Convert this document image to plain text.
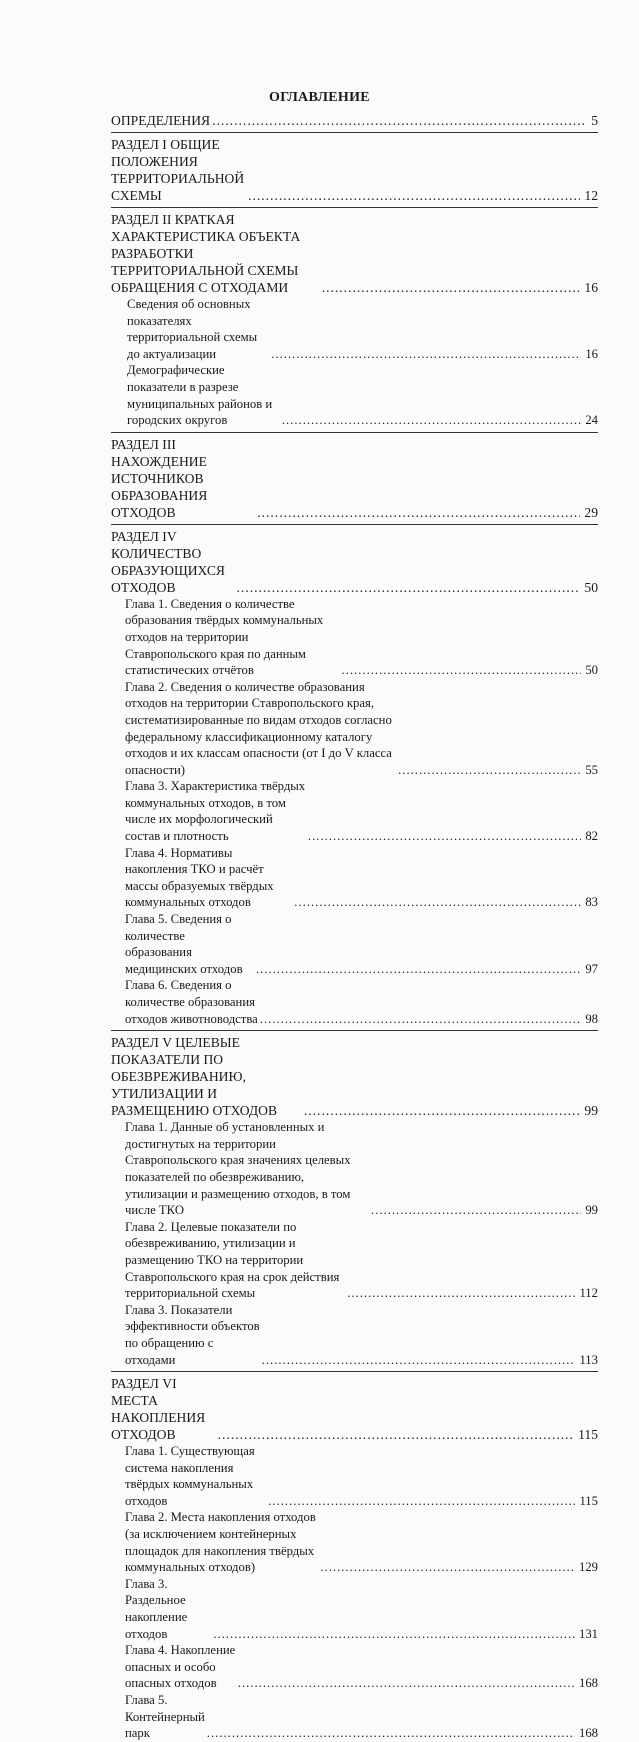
ОГЛАВЛЕНИЕ
ОПРЕДЕЛЕНИЯ .....	5
РАЗДЕЛ I ОБЩИЕ ПОЛОЖЕНИЯ ТЕРРИТОРИАЛЬНОЙ СХЕМЫ .....	12
РАЗДЕЛ II КРАТКАЯ ХАРАКТЕРИСТИКА ОБЪЕКТА РАЗРАБОТКИ ТЕРРИТОРИАЛЬНОЙ СХЕМЫ ОБРАЩЕНИЯ С ОТХОДАМИ .....	16
Сведения об основных показателях территориальной схемы до актуализации .....	16
Демографические показатели в разрезе муниципальных районов и городских округов .....	24
РАЗДЕЛ III НАХОЖДЕНИЕ ИСТОЧНИКОВ ОБРАЗОВАНИЯ ОТХОДОВ .....	29
РАЗДЕЛ IV КОЛИЧЕСТВО ОБРАЗУЮЩИХСЯ ОТХОДОВ .....	50
Глава 1. Сведения о количестве образования твёрдых коммунальных отходов на территории Ставропольского края по данным статистических отчётов .....	50
Глава 2. Сведения о количестве образования отходов на территории Ставропольского края, систематизированные по видам отходов согласно федеральному классификационному каталогу отходов и их классам опасности (от I до V класса опасности) .....	55
Глава 3. Характеристика твёрдых коммунальных отходов, в том числе их морфологический состав и плотность .....	82
Глава 4. Нормативы накопления ТКО и расчёт массы образуемых твёрдых коммунальных отходов .....	83
Глава 5. Сведения о количестве образования медицинских отходов .....	97
Глава 6. Сведения о количестве образования отходов животноводства .....	98
РАЗДЕЛ V ЦЕЛЕВЫЕ ПОКАЗАТЕЛИ ПО ОБЕЗВРЕЖИВАНИЮ, УТИЛИЗАЦИИ И РАЗМЕЩЕНИЮ ОТХОДОВ .....	99
Глава 1. Данные об установленных и достигнутых на территории Ставропольского края значениях целевых показателей по обезвреживанию, утилизации и размещению отходов, в том числе ТКО .....	99
Глава 2. Целевые показатели по обезвреживанию, утилизации и размещению ТКО на территории Ставропольского края на срок действия территориальной схемы .....	112
Глава 3. Показатели эффективности объектов по обращению с отходами .....	113
РАЗДЕЛ VI МЕСТА НАКОПЛЕНИЯ ОТХОДОВ .....	115
Глава 1. Существующая система накопления твёрдых коммунальных отходов .....	115
Глава 2. Места накопления отходов (за исключением контейнерных площадок для накопления твёрдых коммунальных отходов) .....	129
Глава 3. Раздельное накопление отходов .....	131
Глава 4. Накопление опасных и особо опасных отходов .....	168
Глава 5. Контейнерный парк .....	168
